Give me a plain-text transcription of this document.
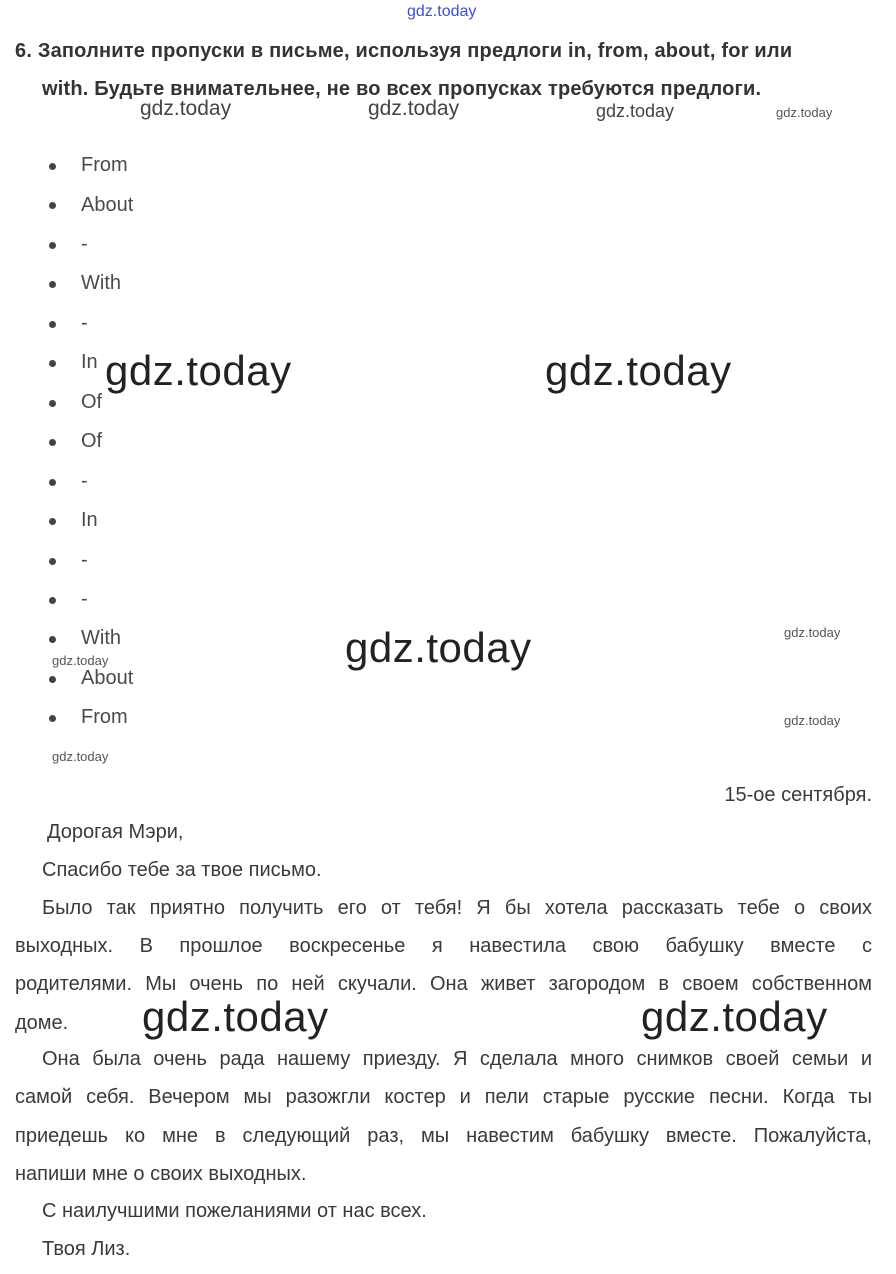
gdz.today
6. Заполните пропуски в письме, используя предлоги in, from, about, for или
with. Будьте внимательнее, не во всех пропусках требуются предлоги.
gdz.today	gdz.today	gdz.today	gdz.today
From
About
-
With
-
In
Of
Of
-
In
-
-
With
About
From
gdz.today	gdz.today
gdz.today	gdz.today
gdz.today
gdz.today
gdz.today
15-ое сентября.
Дорогая Мэри,
Спасибо тебе за твое письмо.
Было так приятно получить его от тебя! Я бы хотела рассказать тебе о своих
выходных. В прошлое воскресенье я навестила свою бабушку вместе с
родителями. Мы очень по ней скучали. Она живет загородом в своем собственном
доме.
Она была очень рада нашему приезду. Я сделала много снимков своей семьи и
самой себя. Вечером мы разожгли костер и пели старые русские песни. Когда ты
приедешь ко мне в следующий раз, мы навестим бабушку вместе. Пожалуйста,
напиши мне о своих выходных.
С наилучшими пожеланиями от нас всех.
Твоя Лиз.
gdz.today	gdz.today
